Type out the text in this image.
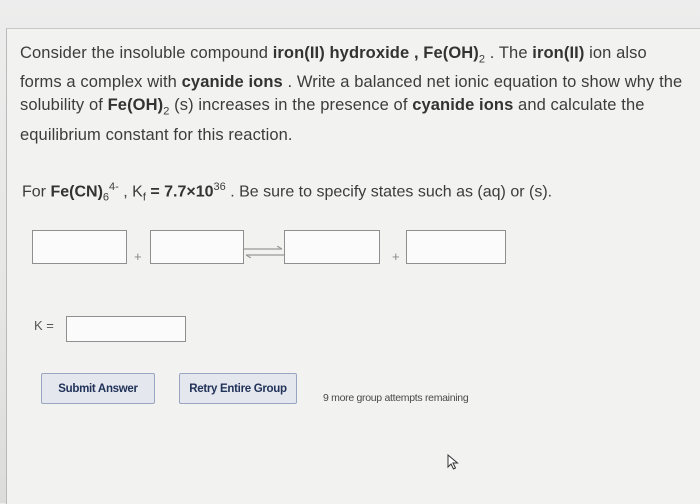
Consider the insoluble compound iron(II) hydroxide , $Fe(OH)_2$ . The iron(II) ion also forms a complex with cyanide ions . Write a balanced net ionic equation to show why the solubility of $Fe(OH)_2$ (s) increases in the presence of cyanide ions and calculate the equilibrium constant for this reaction.
For $Fe(CN)_6^{4-}$ , $K_f = 7.7\times 10^{36}$ . Be sure to specify states such as (aq) or (s).
+	+
K =
Submit Answer	Retry Entire Group
9 more group attempts remaining
